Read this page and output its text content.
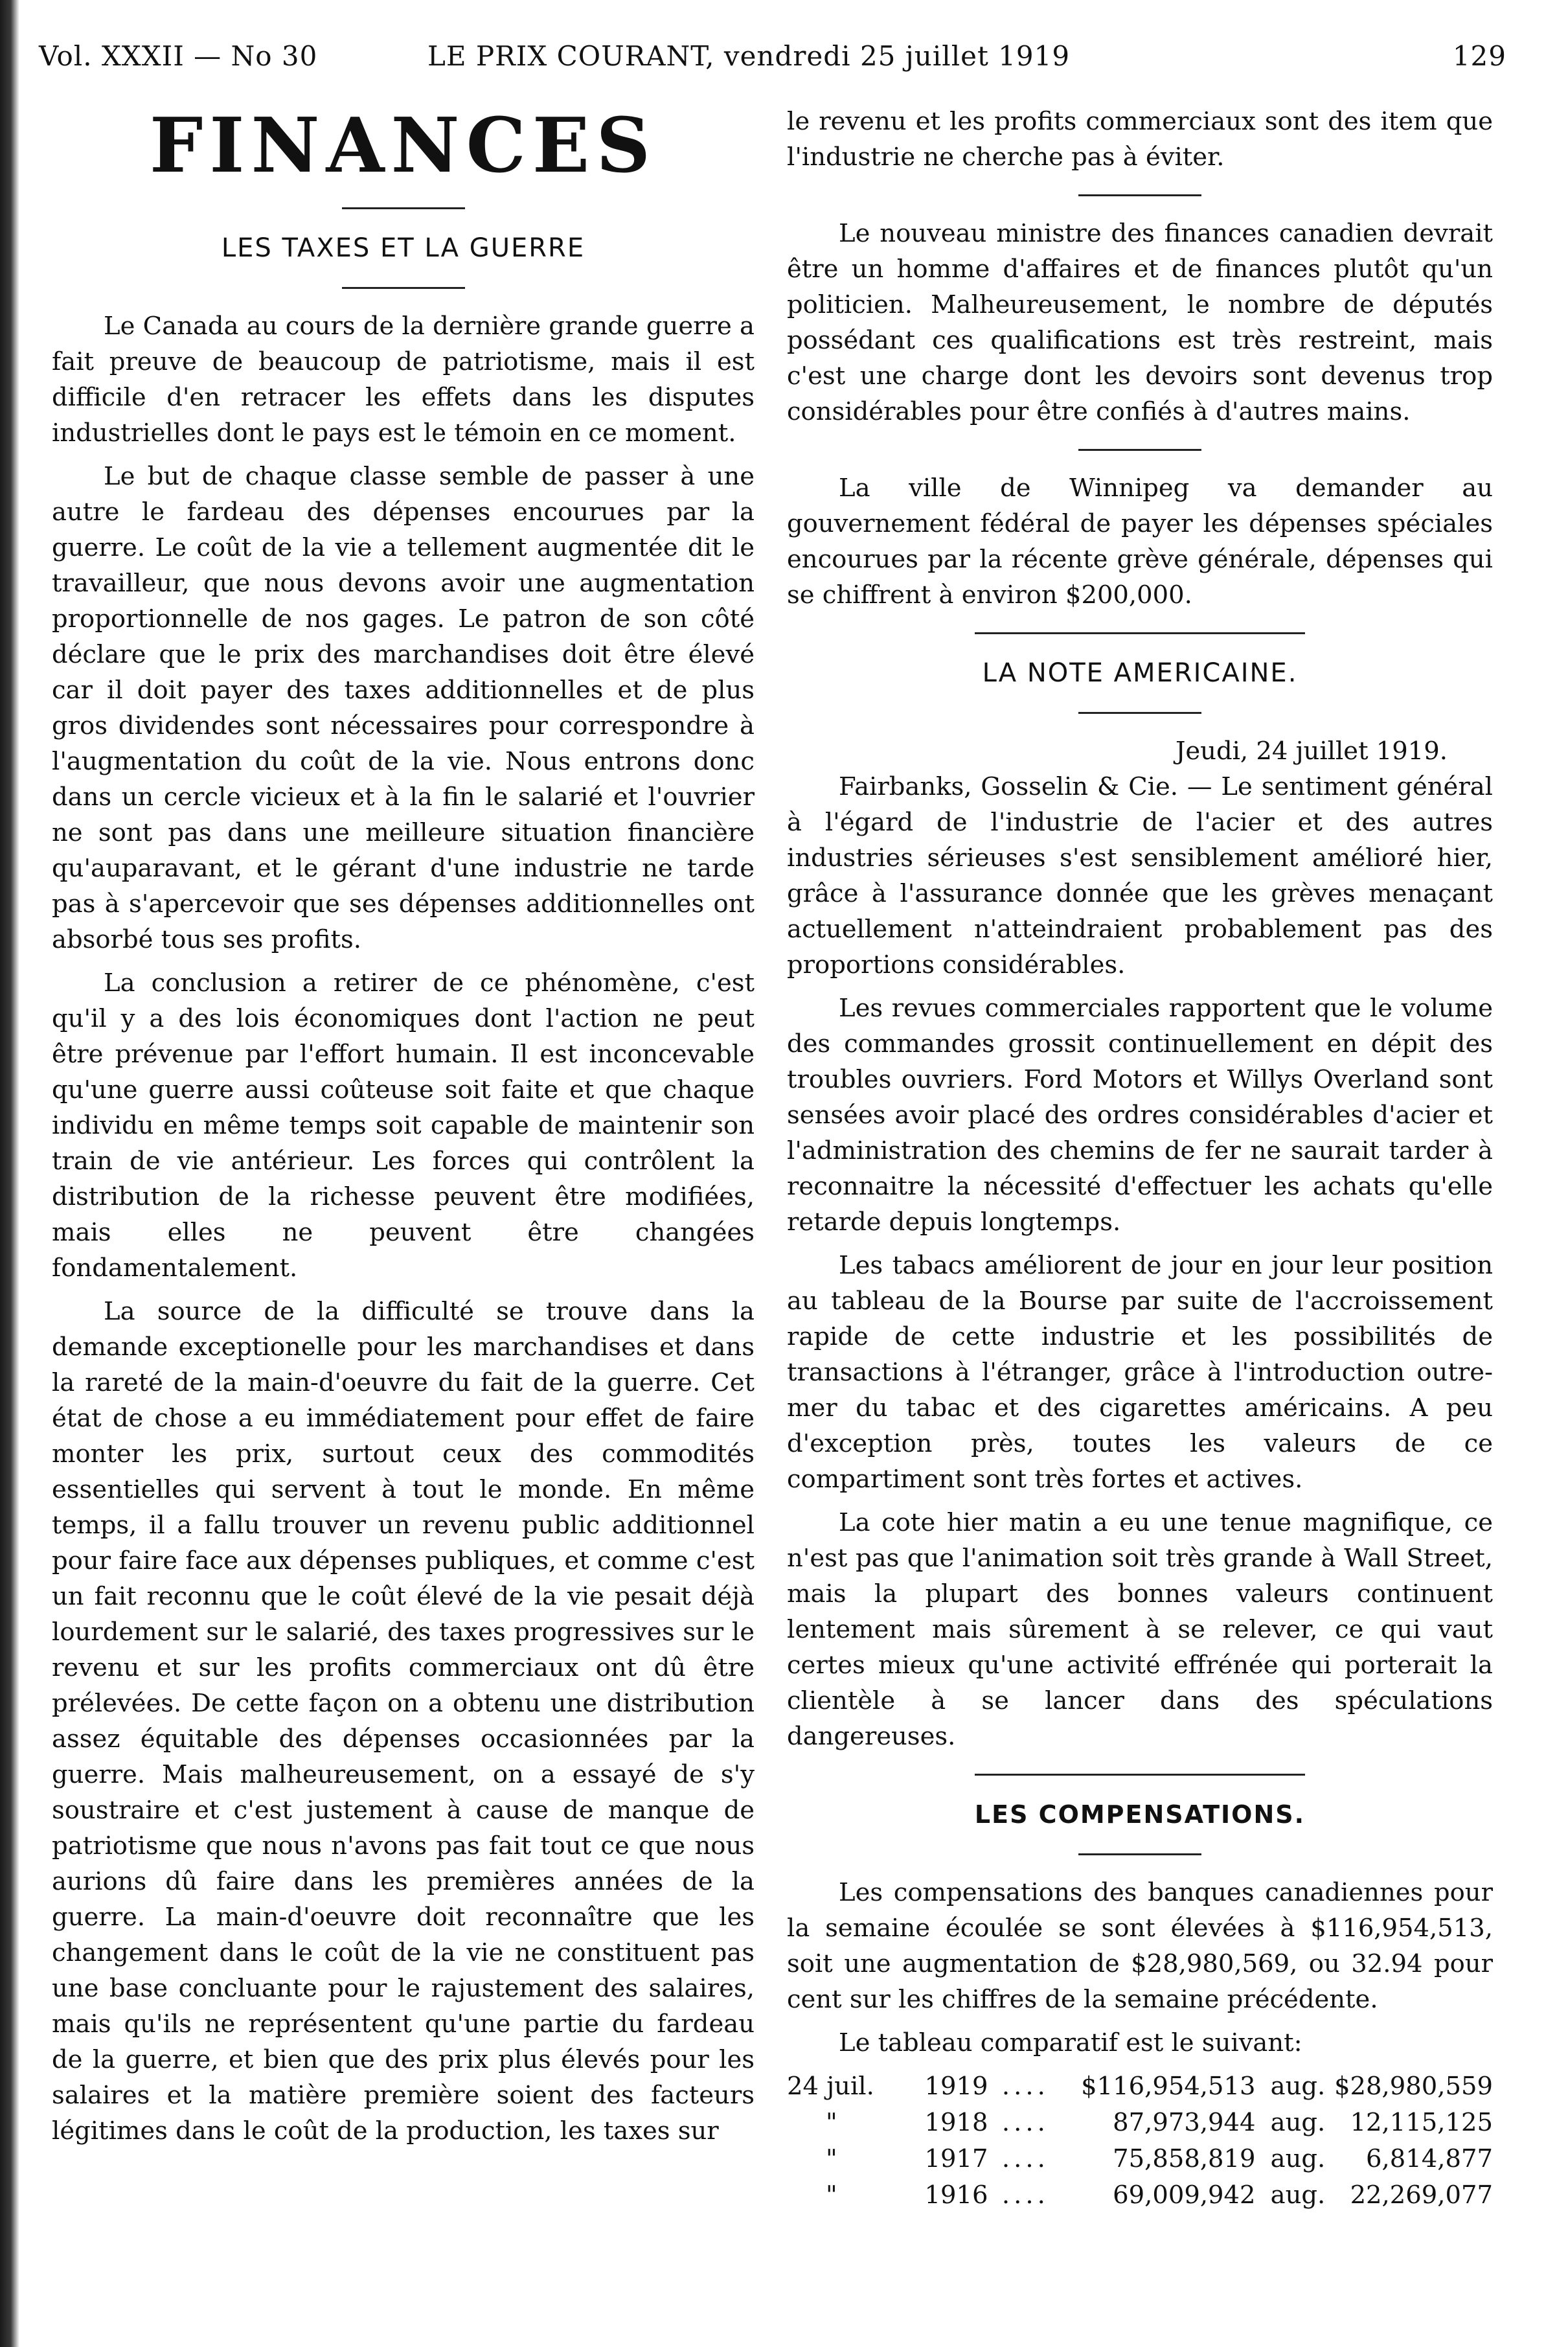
Vol. XXXII — No 30	LE PRIX COURANT, vendredi 25 juillet 1919	129
FINANCES
LES TAXES ET LA GUERRE

Le Canada au cours de la dernière grande guerre a fait preuve de beaucoup de patriotisme, mais il est difficile d'en retracer les effets dans les disputes industrielles dont le pays est le témoin en ce moment.

Le but de chaque classe semble de passer à une autre le fardeau des dépenses encourues par la guerre. Le coût de la vie a tellement augmentée dit le travailleur, que nous devons avoir une augmentation proportionnelle de nos gages. Le patron de son côté déclare que le prix des marchandises doit être élevé car il doit payer des taxes additionnelles et de plus gros dividendes sont nécessaires pour correspondre à l'augmentation du coût de la vie. Nous entrons donc dans un cercle vicieux et à la fin le salarié et l'ouvrier ne sont pas dans une meilleure situation financière qu'auparavant, et le gérant d'une industrie ne tarde pas à s'apercevoir que ses dépenses additionnelles ont absorbé tous ses profits.

La conclusion a retirer de ce phénomène, c'est qu'il y a des lois économiques dont l'action ne peut être prévenue par l'effort humain. Il est inconcevable qu'une guerre aussi coûteuse soit faite et que chaque individu en même temps soit capable de maintenir son train de vie antérieur. Les forces qui contrôlent la distribution de la richesse peuvent être modifiées, mais elles ne peuvent être changées fondamentalement.

La source de la difficulté se trouve dans la demande exceptionelle pour les marchandises et dans la rareté de la main-d'oeuvre du fait de la guerre. Cet état de chose a eu immédiatement pour effet de faire monter les prix, surtout ceux des commodités essentielles qui servent à tout le monde. En même temps, il a fallu trouver un revenu public additionnel pour faire face aux dépenses publiques, et comme c'est un fait reconnu que le coût élevé de la vie pesait déjà lourdement sur le salarié, des taxes progressives sur le revenu et sur les profits commerciaux ont dû être prélevées. De cette façon on a obtenu une distribution assez équitable des dépenses occasionnées par la guerre. Mais malheureusement, on a essayé de s'y soustraire et c'est justement à cause de manque de patriotisme que nous n'avons pas fait tout ce que nous aurions dû faire dans les premières années de la guerre. La main-d'oeuvre doit reconnaître que les changement dans le coût de la vie ne constituent pas une base concluante pour le rajustement des salaires, mais qu'ils ne représentent qu'une partie du fardeau de la guerre, et bien que des prix plus élevés pour les salaires et la matière première soient des facteurs légitimes dans le coût de la production, les taxes sur

le revenu et les profits commerciaux sont des item que l'industrie ne cherche pas à éviter.

Le nouveau ministre des finances canadien devrait être un homme d'affaires et de finances plutôt qu'un politicien. Malheureusement, le nombre de députés possédant ces qualifications est très restreint, mais c'est une charge dont les devoirs sont devenus trop considérables pour être confiés à d'autres mains.

La ville de Winnipeg va demander au gouvernement fédéral de payer les dépenses spéciales encourues par la récente grève générale, dépenses qui se chiffrent à environ $200,000.

LA NOTE AMERICAINE.
Jeudi, 24 juillet 1919.

Fairbanks, Gosselin & Cie. — Le sentiment général à l'égard de l'industrie de l'acier et des autres industries sérieuses s'est sensiblement amélioré hier, grâce à l'assurance donnée que les grèves menaçant actuellement n'atteindraient probablement pas des proportions considérables.

Les revues commerciales rapportent que le volume des commandes grossit continuellement en dépit des troubles ouvriers. Ford Motors et Willys Overland sont sensées avoir placé des ordres considérables d'acier et l'administration des chemins de fer ne saurait tarder à reconnaitre la nécessité d'effectuer les achats qu'elle retarde depuis longtemps.

Les tabacs améliorent de jour en jour leur position au tableau de la Bourse par suite de l'accroissement rapide de cette industrie et les possibilités de transactions à l'étranger, grâce à l'introduction outre-mer du tabac et des cigarettes américains. A peu d'exception près, toutes les valeurs de ce compartiment sont très fortes et actives.

La cote hier matin a eu une tenue magnifique, ce n'est pas que l'animation soit très grande à Wall Street, mais la plupart des bonnes valeurs continuent lentement mais sûrement à se relever, ce qui vaut certes mieux qu'une activité effrénée qui porterait la clientèle à se lancer dans des spéculations dangereuses.

LES COMPENSATIONS.

Les compensations des banques canadiennes pour la semaine écoulée se sont élevées à $116,954,513, soit une augmentation de $28,980,569, ou 32.94 pour cent sur les chiffres de la semaine précédente.

Le tableau comparatif est le suivant:

24 juil.	1919	....	$116,954,513	aug.	$28,980,559
"	1918	....	87,973,944	aug.	12,115,125
"	1917	....	75,858,819	aug.	6,814,877
"	1916	....	69,009,942	aug.	22,269,077
